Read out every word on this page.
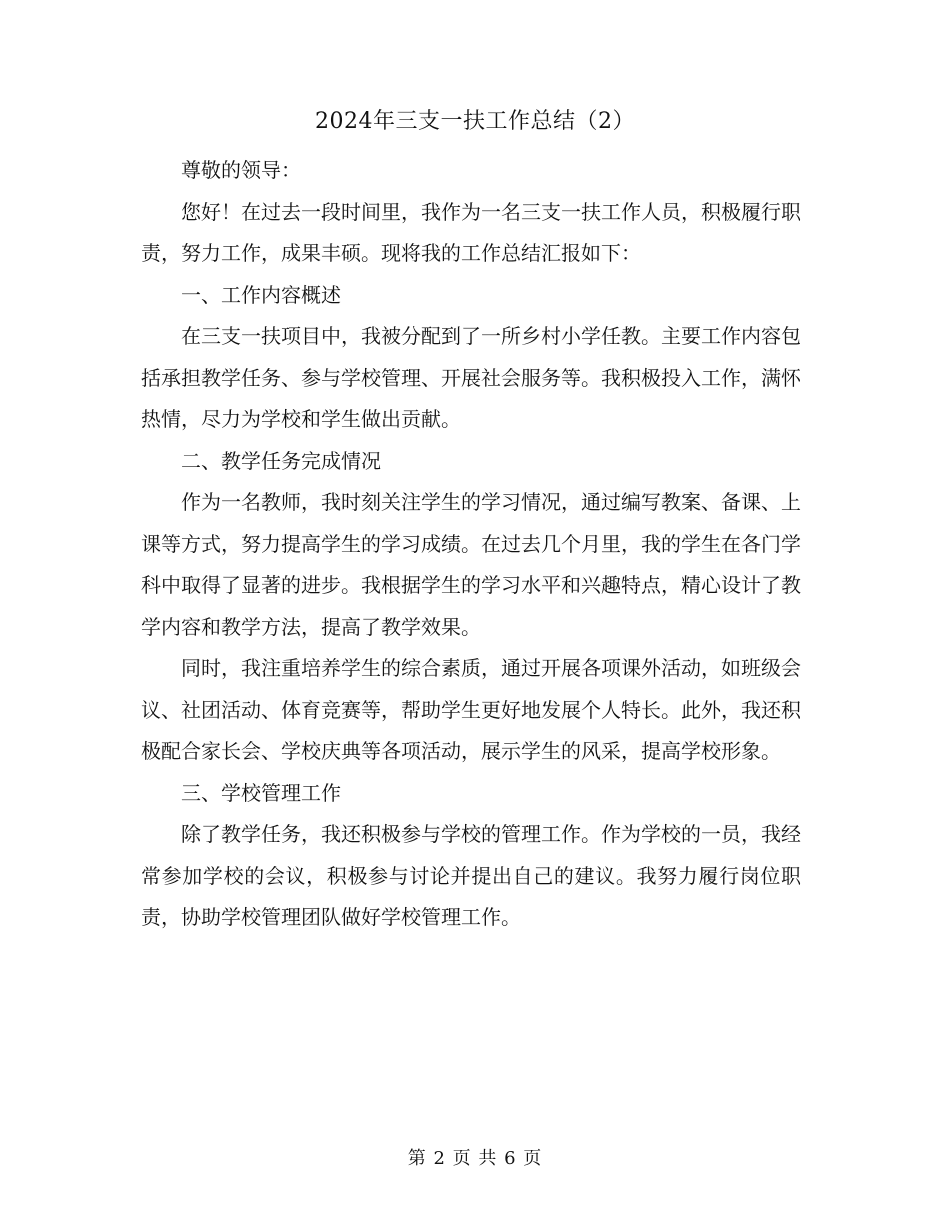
2024年三支一扶工作总结（2）

尊敬的领导：

您好！在过去一段时间里，我作为一名三支一扶工作人员，积极履行职责，努力工作，成果丰硕。现将我的工作总结汇报如下：

一、工作内容概述

在三支一扶项目中，我被分配到了一所乡村小学任教。主要工作内容包括承担教学任务、参与学校管理、开展社会服务等。我积极投入工作，满怀热情，尽力为学校和学生做出贡献。

二、教学任务完成情况

作为一名教师，我时刻关注学生的学习情况，通过编写教案、备课、上课等方式，努力提高学生的学习成绩。在过去几个月里，我的学生在各门学科中取得了显著的进步。我根据学生的学习水平和兴趣特点，精心设计了教学内容和教学方法，提高了教学效果。

同时，我注重培养学生的综合素质，通过开展各项课外活动，如班级会议、社团活动、体育竞赛等，帮助学生更好地发展个人特长。此外，我还积极配合家长会、学校庆典等各项活动，展示学生的风采，提高学校形象。

三、学校管理工作

除了教学任务，我还积极参与学校的管理工作。作为学校的一员，我经常参加学校的会议，积极参与讨论并提出自己的建议。我努力履行岗位职责，协助学校管理团队做好学校管理工作。

第 2 页 共 6 页
